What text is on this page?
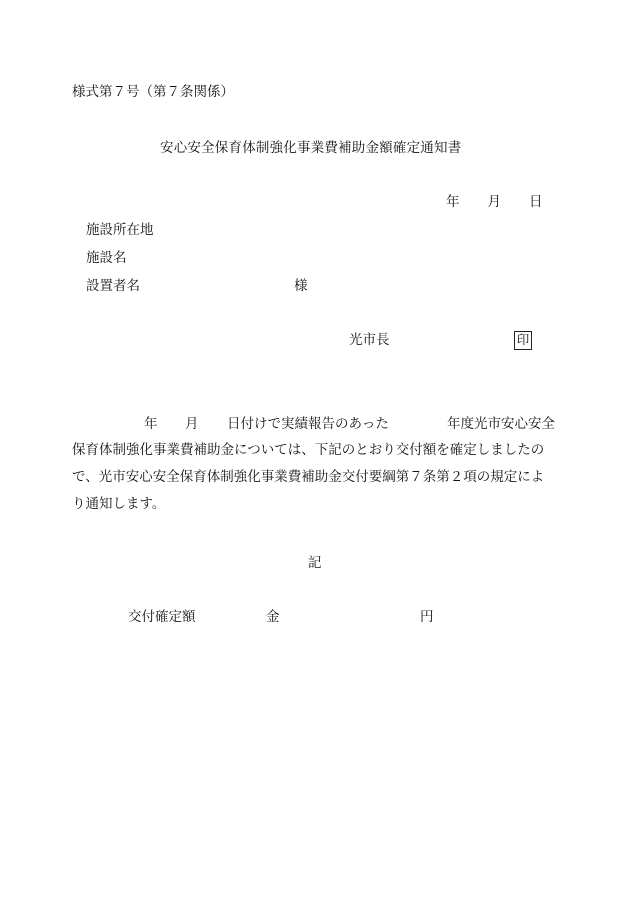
様式第７号（第７条関係）
安心安全保育体制強化事業費補助金額確定通知書
年 月 日
施設所在地
施設名
設置者名	様
光市長	印
年 月 日付けで実績報告のあった	年度光市安心安全
保育体制強化事業費補助金については、下記のとおり交付額を確定しましたの
で、光市安心安全保育体制強化事業費補助金交付要綱第７条第２項の規定によ
り通知します。
記
交付確定額	金	円
